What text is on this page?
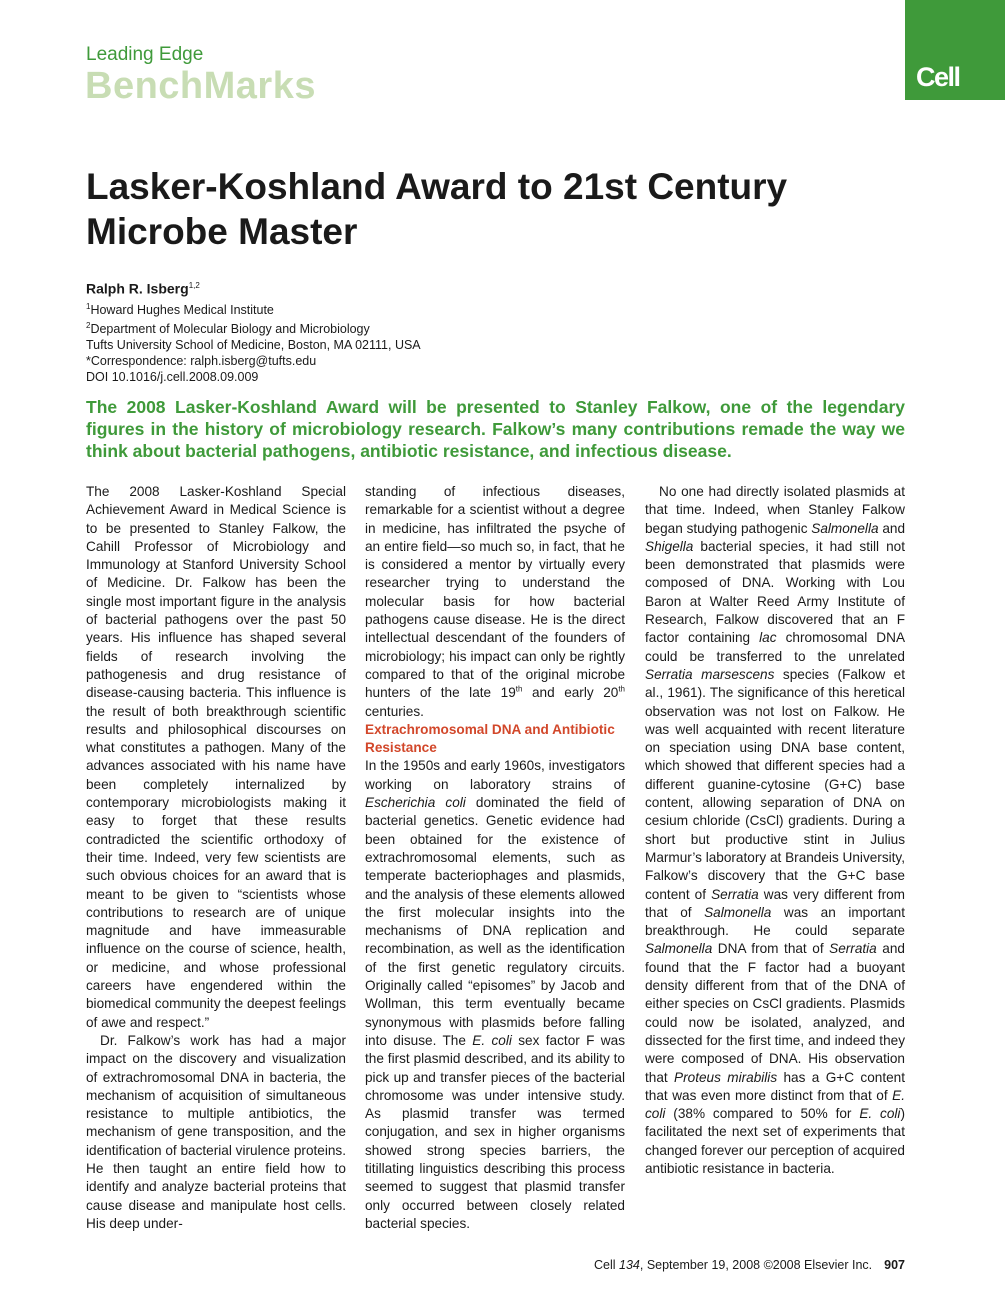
Leading Edge
BenchMarks	Cell
Lasker-Koshland Award to 21st Century Microbe Master
Ralph R. Isberg$^{1,2}$
$^1$Howard Hughes Medical Institute
$^2$Department of Molecular Biology and Microbiology
Tufts University School of Medicine, Boston, MA 02111, USA
*Correspondence: ralph.isberg@tufts.edu
DOI 10.1016/j.cell.2008.09.009

The 2008 Lasker-Koshland Award will be presented to Stanley Falkow, one of the legendary figures in the history of microbiology research. Falkow’s many contributions remade the way we think about bacterial pathogens, antibiotic resistance, and infectious disease.

The 2008 Lasker-Koshland Special Achievement Award in Medical Science is to be presented to Stanley Falkow, the Cahill Professor of Microbiology and Immunology at Stanford University School of Medicine. Dr. Falkow has been the single most important figure in the analysis of bacterial pathogens over the past 50 years. His influence has shaped several fields of research involving the pathogenesis and drug resistance of disease-causing bacteria. This influence is the result of both breakthrough scientific results and philosophical discourses on what constitutes a pathogen. Many of the advances associated with his name have been completely internalized by contemporary microbiologists making it easy to forget that these results contradicted the scientific orthodoxy of their time. Indeed, very few scientists are such obvious choices for an award that is meant to be given to “scientists whose contributions to research are of unique magnitude and have immeasurable influence on the course of science, health, or medicine, and whose professional careers have engendered within the biomedical community the deepest feelings of awe and respect.”

Dr. Falkow’s work has had a major impact on the discovery and visualization of extrachromosomal DNA in bacteria, the mechanism of acquisition of simultaneous resistance to multiple antibiotics, the mechanism of gene transposition, and the identification of bacterial virulence proteins. He then taught an entire field how to identify and analyze bacterial proteins that cause disease and manipulate host cells. His deep under-

standing of infectious diseases, remarkable for a scientist without a degree in medicine, has infiltrated the psyche of an entire field—so much so, in fact, that he is considered a mentor by virtually every researcher trying to understand the molecular basis for how bacterial pathogens cause disease. He is the direct intellectual descendant of the founders of microbiology; his impact can only be rightly compared to that of the original microbe hunters of the late 19th and early 20th centuries.

Extrachromosomal DNA and Antibiotic Resistance

In the 1950s and early 1960s, investigators working on laboratory strains of Escherichia coli dominated the field of bacterial genetics. Genetic evidence had been obtained for the existence of extrachromosomal elements, such as temperate bacteriophages and plasmids, and the analysis of these elements allowed the first molecular insights into the mechanisms of DNA replication and recombination, as well as the identification of the first genetic regulatory circuits. Originally called “episomes” by Jacob and Wollman, this term eventually became synonymous with plasmids before falling into disuse. The E. coli sex factor F was the first plasmid described, and its ability to pick up and transfer pieces of the bacterial chromosome was under intensive study. As plasmid transfer was termed conjugation, and sex in higher organisms showed strong species barriers, the titillating linguistics describing this process seemed to suggest that plasmid transfer only occurred between closely related bacterial species.

No one had directly isolated plasmids at that time. Indeed, when Stanley Falkow began studying pathogenic Salmonella and Shigella bacterial species, it had still not been demonstrated that plasmids were composed of DNA. Working with Lou Baron at Walter Reed Army Institute of Research, Falkow discovered that an F factor containing lac chromosomal DNA could be transferred to the unrelated Serratia marsescens species (Falkow et al., 1961). The significance of this heretical observation was not lost on Falkow. He was well acquainted with recent literature on speciation using DNA base content, which showed that different species had a different guanine-cytosine (G+C) base content, allowing separation of DNA on cesium chloride (CsCl) gradients. During a short but productive stint in Julius Marmur’s laboratory at Brandeis University, Falkow’s discovery that the G+C base content of Serratia was very different from that of Salmonella was an important breakthrough. He could separate Salmonella DNA from that of Serratia and found that the F factor had a buoyant density different from that of the DNA of either species on CsCl gradients. Plasmids could now be isolated, analyzed, and dissected for the first time, and indeed they were composed of DNA. His observation that Proteus mirabilis has a G+C content that was even more distinct from that of E. coli (38% compared to 50% for E. coli) facilitated the next set of experiments that changed forever our perception of acquired antibiotic resistance in bacteria.

Cell 134, September 19, 2008 ©2008 Elsevier Inc. 907
